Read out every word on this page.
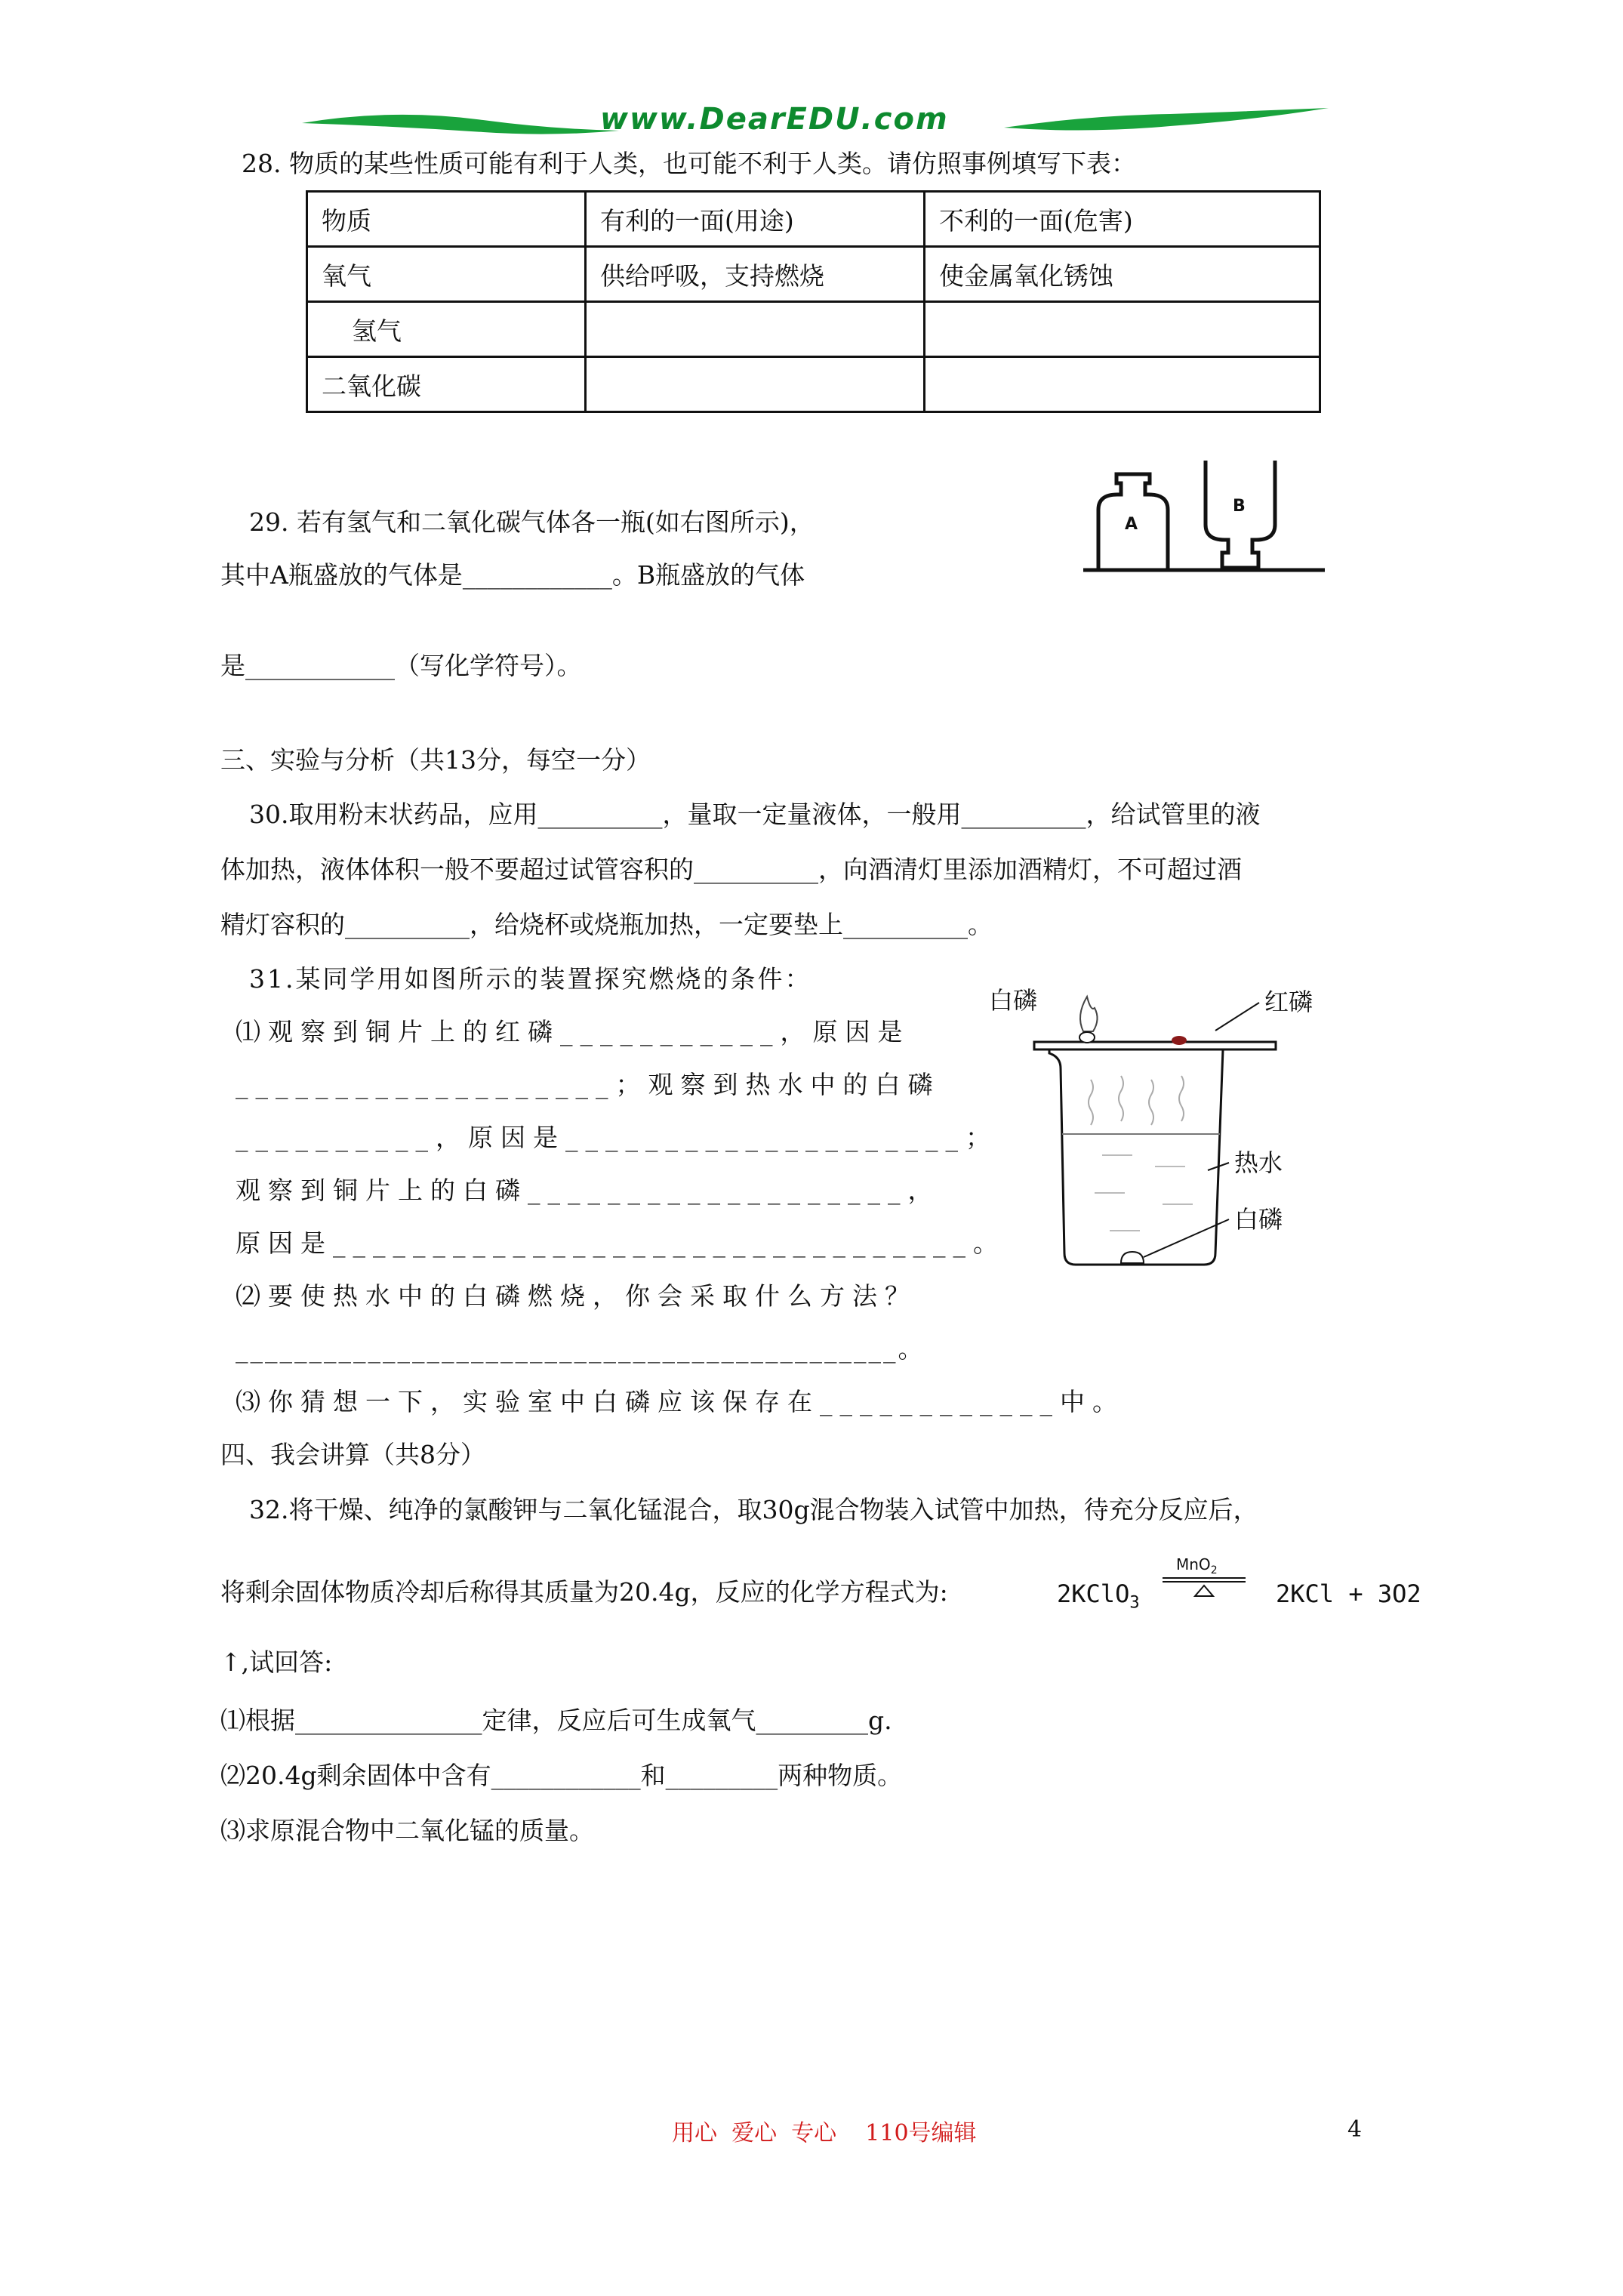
www.DearEDU.com
28. 物质的某些性质可能有利于人类，也可能不利于人类。请仿照事例填写下表：
物质	有利的一面(用途)	不利的一面(危害)
氧气	供给呼吸，支持燃烧	使金属氧化锈蚀
氢气		
二氧化碳		
29. 若有氢气和二氧化碳气体各一瓶(如右图所示)，
其中A瓶盛放的气体是____________。B瓶盛放的气体
是____________（写化学符号）。
A
B
三、实验与分析（共13分，每空一分）
30.取用粉末状药品，应用__________，量取一定量液体，一般用__________，给试管里的液
体加热，液体体积一般不要超过试管容积的__________，向酒清灯里添加酒精灯，不可超过酒
精灯容积的__________，给烧杯或烧瓶加热，一定要垫上__________。
31.某同学用如图所示的装置探究燃烧的条件：
⑴观察到铜片上的红磷___________，原因是
___________________；观察到热水中的白磷
__________，原因是____________________；
观察到铜片上的白磷___________________，
原因是________________________________。
⑵要使热水中的白磷燃烧，你会采取什么方法？
_____________________________________________。
⑶你猜想一下，实验室中白磷应该保存在____________中。
白磷	红磷
热水
白磷
四、我会讲算（共8分）
32.将干燥、纯净的氯酸钾与二氧化锰混合，取30g混合物装入试管中加热，待充分反应后，
将剩余固体物质冷却后称得其质量为20.4g，反应的化学方程式为:	2KClO$_3$
MnO$_2$
2KCl + 3O2
↑,试回答:
⑴根据_______________定律，反应后可生成氧气_________g.
⑵20.4g剩余固体中含有____________和_________两种物质。
⑶求原混合物中二氧化锰的质量。
用心  爱心  专心    110号编辑	4
